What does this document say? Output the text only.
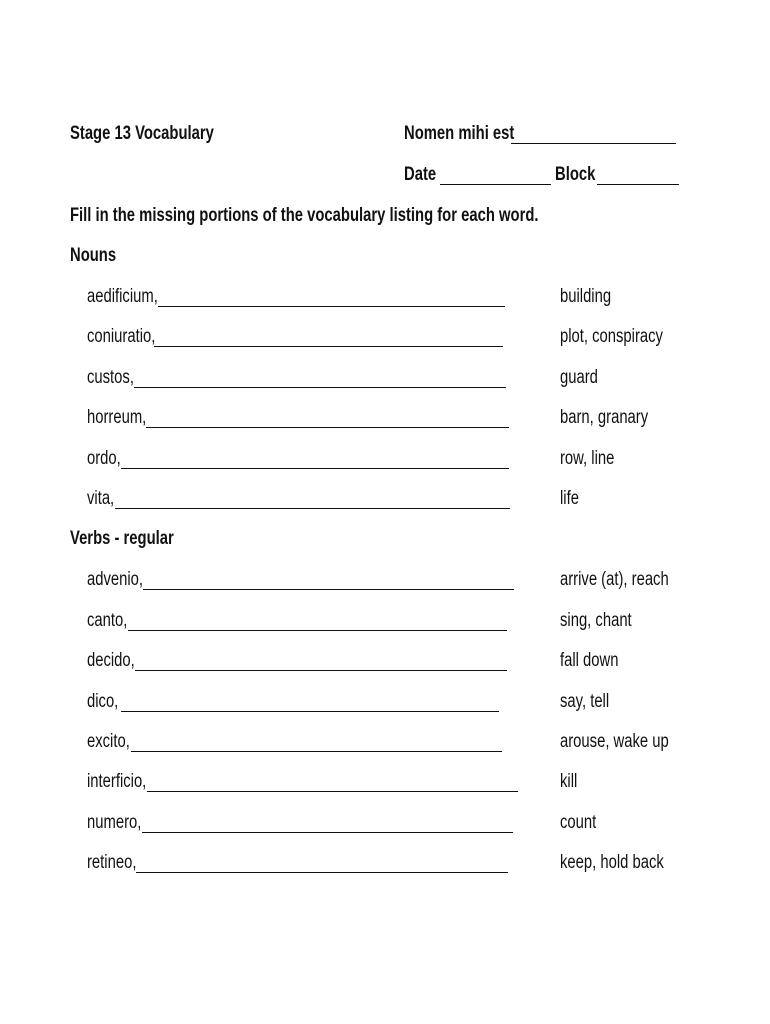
Stage 13 Vocabulary	Nomen mihi est
Date	Block
Fill in the missing portions of the vocabulary listing for each word.
Nouns
aedificium,	building
coniuratio,	plot, conspiracy
custos,	guard
horreum,	barn, granary
ordo,	row, line
vita,	life
Verbs - regular
advenio,	arrive (at), reach
canto,	sing, chant
decido,	fall down
dico,	say, tell
excito,	arouse, wake up
interficio,	kill
numero,	count
retineo,	keep, hold back
